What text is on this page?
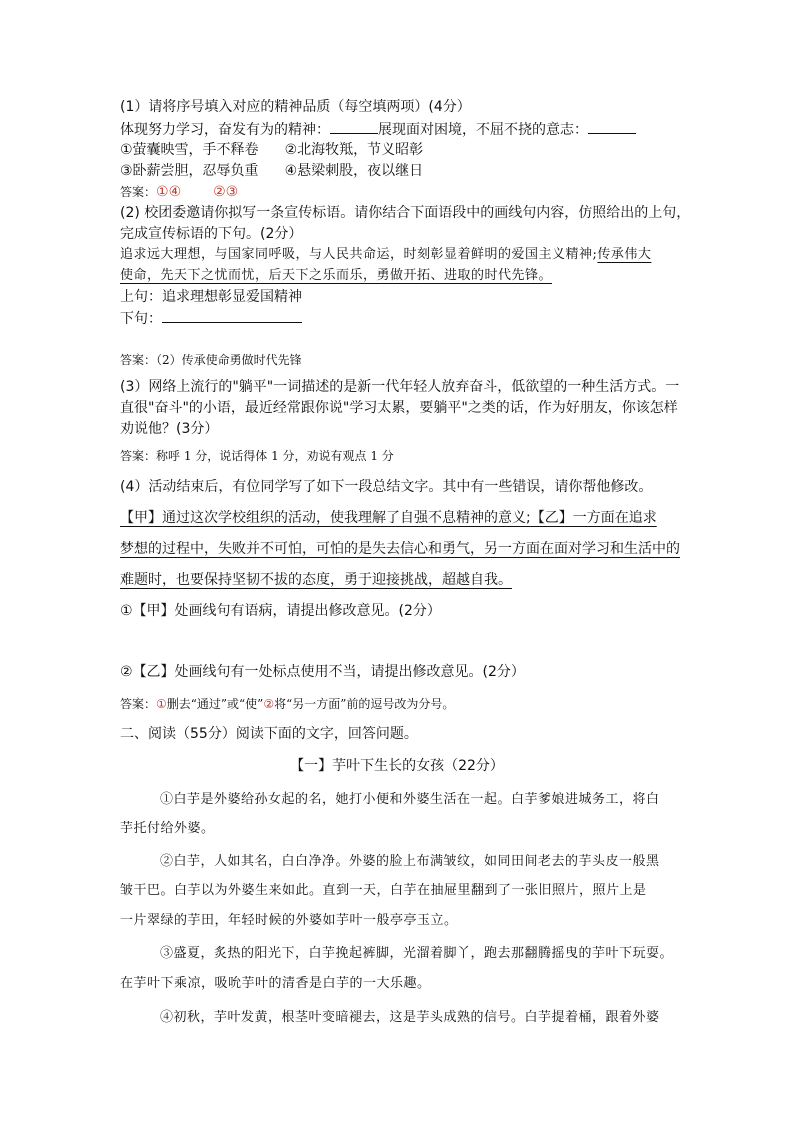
(1）请将序号填入对应的精神品质（每空填两项）(4分）
体现努力学习，奋发有为的精神：	展现面对困境，不屈不挠的意志：
①萤囊映雪，手不释卷 ②北海牧羝，节义昭彰
③卧薪尝胆，忍辱负重 ④悬梁刺股，夜以继日
答案：①④ ②③
(2) 校团委邀请你拟写一条宣传标语。请你结合下面语段中的画线句内容，仿照给出的上句，
完成宣传标语的下句。(2分）
追求远大理想，与国家同呼吸，与人民共命运，时刻彰显着鲜明的爱国主义精神;传承伟大
使命，先天下之忧而忧，后天下之乐而乐，勇做开拓、进取的时代先锋。
上句：追求理想彰显爱国精神
下句：
答案：（2）传承使命勇做时代先锋
(3）网络上流行的"躺平"一词描述的是新一代年轻人放弃奋斗，低欲望的一种生活方式。一
直很"奋斗"的小语，最近经常跟你说"学习太累，要躺平"之类的话，作为好朋友，你该怎样
劝说他？(3分）
答案：称呼 1 分，说话得体 1 分，劝说有观点 1 分
(4）活动结束后，有位同学写了如下一段总结文字。其中有一些错误，请你帮他修改。
【甲】通过这次学校组织的活动，使我理解了自强不息精神的意义;【乙】一方面在追求
梦想的过程中，失败并不可怕，可怕的是失去信心和勇气，另一方面在面对学习和生活中的
难题时，也要保持坚韧不拔的态度，勇于迎接挑战，超越自我。
①【甲】处画线句有语病，请提出修改意见。(2分）
②【乙】处画线句有一处标点使用不当，请提出修改意见。(2分）
答案：①删去“通过”或“使”②将“另一方面”前的逗号改为分号。
二、阅读（55分）阅读下面的文字，回答问题。
【一】芋叶下生长的女孩（22分）
①白芋是外婆给孙女起的名，她打小便和外婆生活在一起。白芋爹娘进城务工，将白
芋托付给外婆。
②白芋，人如其名，白白净净。外婆的脸上布满皱纹，如同田间老去的芋头皮一般黑
皱干巴。白芋以为外婆生来如此。直到一天，白芋在抽屉里翻到了一张旧照片，照片上是
一片翠绿的芋田，年轻时候的外婆如芋叶一般亭亭玉立。
③盛夏，炙热的阳光下，白芋挽起裤脚，光溜着脚丫，跑去那翻腾摇曳的芋叶下玩耍。
在芋叶下乘凉，吸吮芋叶的清香是白芋的一大乐趣。
④初秋，芋叶发黄，根茎叶变暗褪去，这是芋头成熟的信号。白芋提着桶，跟着外婆
